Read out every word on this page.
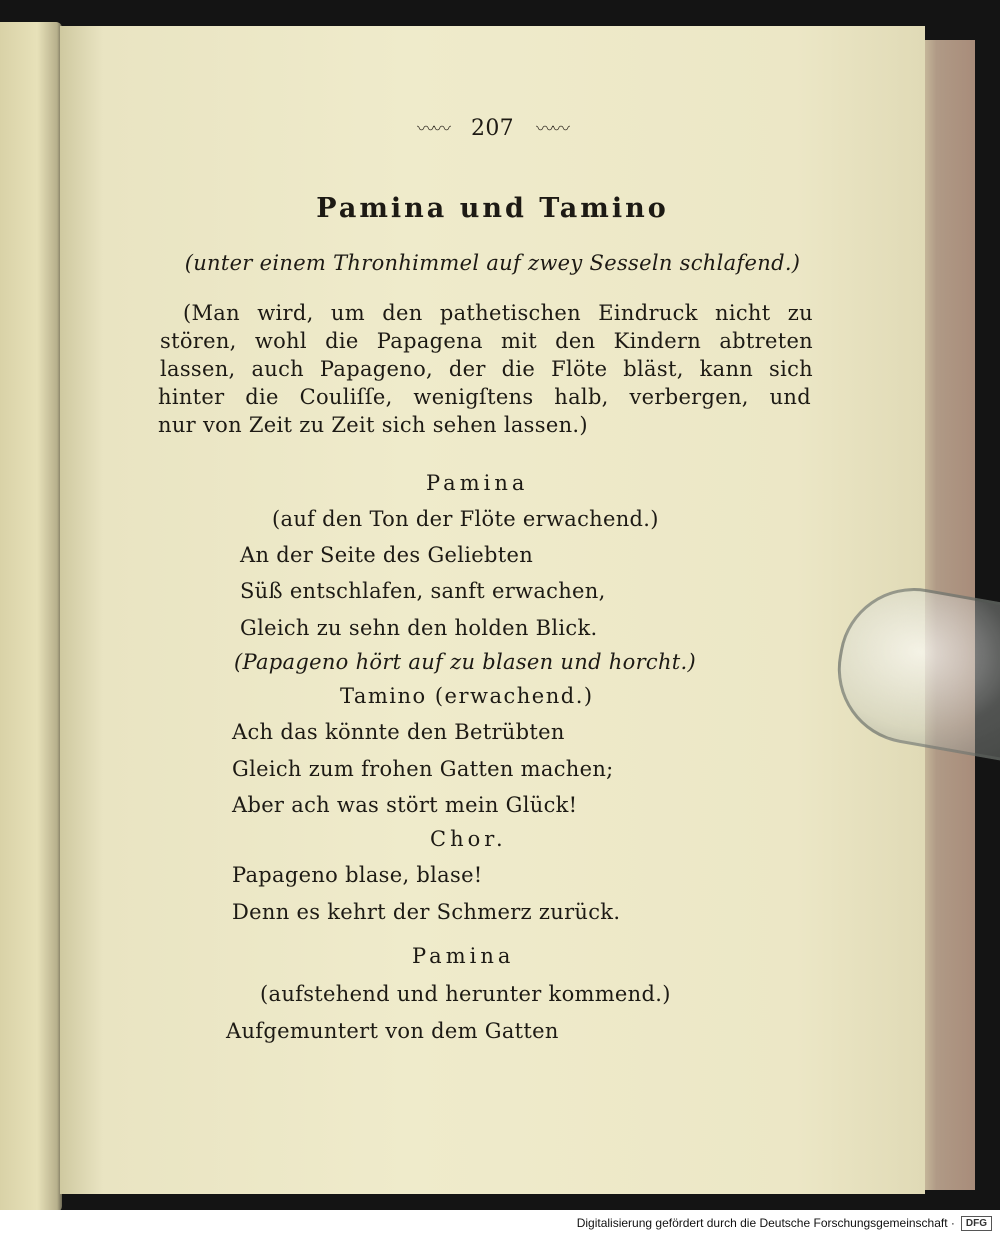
〰〰 207 〰〰
Pamina und Tamino
(unter einem Thronhimmel auf zwey Sesseln schlafend.)
(Man wird, um den pathetischen Eindruck nicht zu
stören, wohl die Papagena mit den Kindern abtreten
lassen, auch Papageno, der die Flöte bläst, kann sich
hinter die Couliſſe, wenigſtens halb, verbergen, und
nur von Zeit zu Zeit sich sehen lassen.)
Pamina
(auf den Ton der Flöte erwachend.)
An der Seite des Geliebten
Süß entschlafen, sanft erwachen,
Gleich zu sehn den holden Blick.
(Papageno hört auf zu blasen und horcht.)
Tamino (erwachend.)
Ach das könnte den Betrübten
Gleich zum frohen Gatten machen;
Aber ach was stört mein Glück!
Chor.
Papageno blase, blase!
Denn es kehrt der Schmerz zurück.
Pamina
(aufstehend und herunter kommend.)
Aufgemuntert von dem Gatten
Digitalisierung gefördert durch die Deutsche Forschungsgemeinschaft ·	DFG
